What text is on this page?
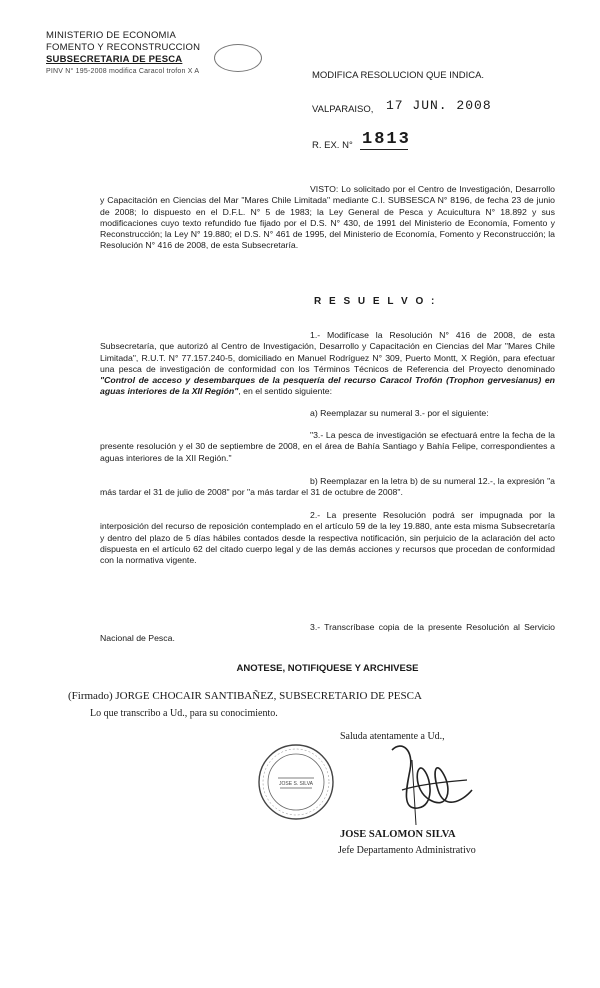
MINISTERIO DE ECONOMIA
FOMENTO Y RECONSTRUCCION
SUBSECRETARIA DE PESCA
PINV N° 195-2008 modifica Caracol trofon X A	MODIFICA RESOLUCION QUE INDICA.
VALPARAISO, 17 JUN. 2008
R. EX. N° 1813
VISTO: Lo solicitado por el Centro de Investigación, Desarrollo y Capacitación en Ciencias del Mar "Mares Chile Limitada" mediante C.I. SUBSESCA N° 8196, de fecha 23 de junio de 2008; lo dispuesto en el D.F.L. N° 5 de 1983; la Ley General de Pesca y Acuicultura N° 18.892 y sus modificaciones cuyo texto refundido fue fijado por el D.S. N° 430, de 1991 del Ministerio de Economía, Fomento y Reconstrucción; la Ley N° 19.880; el D.S. N° 461 de 1995, del Ministerio de Economía, Fomento y Reconstrucción; la Resolución N° 416 de 2008, de esta Subsecretaría.
R E S U E L V O :
1.- Modifícase la Resolución N° 416 de 2008, de esta Subsecretaría, que autorizó al Centro de Investigación, Desarrollo y Capacitación en Ciencias del Mar "Mares Chile Limitada", R.U.T. N° 77.157.240-5, domiciliado en Manuel Rodríguez N° 309, Puerto Montt, X Región, para efectuar una pesca de investigación de conformidad con los Términos Técnicos de Referencia del Proyecto denominado "Control de acceso y desembarques de la pesquería del recurso Caracol Trofón (Trophon gervesianus) en aguas interiores de la XII Región", en el sentido siguiente:
a) Reemplazar su numeral 3.- por el siguiente:
"3.- La pesca de investigación se efectuará entre la fecha de la presente resolución y el 30 de septiembre de 2008, en el área de Bahía Santiago y Bahía Felipe, correspondientes a aguas interiores de la XII Región."
b) Reemplazar en la letra b) de su numeral 12.-, la expresión "a más tardar el 31 de julio de 2008" por "a más tardar el 31 de octubre de 2008".
2.- La presente Resolución podrá ser impugnada por la interposición del recurso de reposición contemplado en el artículo 59 de la ley 19.880, ante esta misma Subsecretaría y dentro del plazo de 5 días hábiles contados desde la respectiva notificación, sin perjuicio de la aclaración del acto dispuesta en el artículo 62 del citado cuerpo legal y de las demás acciones y recursos que procedan de conformidad con la normativa vigente.
3.- Transcríbase copia de la presente Resolución al Servicio Nacional de Pesca.
ANOTESE, NOTIFIQUESE Y ARCHIVESE
(Firmado) JORGE CHOCAIR SANTIBAÑEZ, SUBSECRETARIO DE PESCA
Lo que transcribo a Ud., para su conocimiento.
Saluda atentamente a Ud.,
JOSE S. SILVA
JOSE SALOMON SILVA
Jefe Departamento Administrativo
